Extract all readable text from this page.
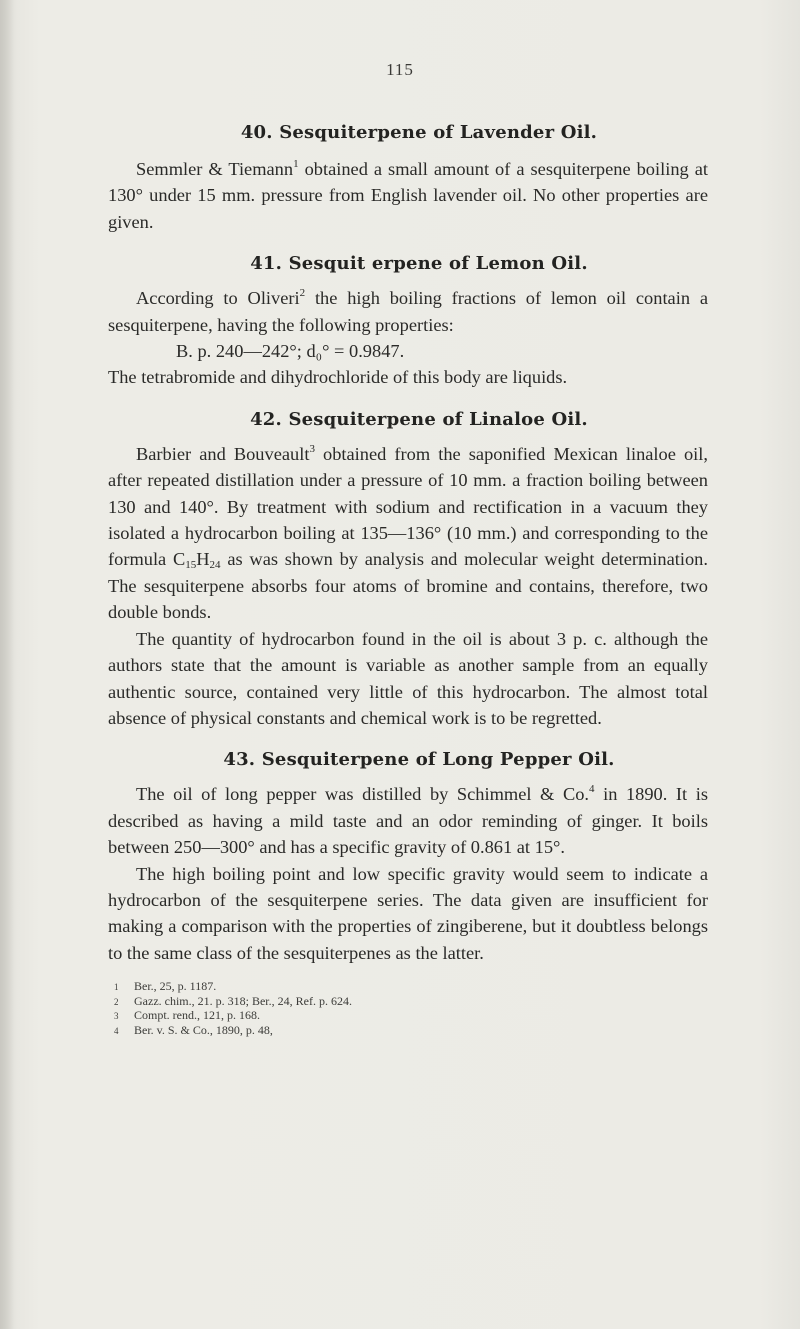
115
40. Sesquiterpene of Lavender Oil.

Semmler & Tiemann$^1$ obtained a small amount of a sesquiterpene boiling at 130° under 15 mm. pressure from English lavender oil. No other properties are given.

41. Sesquit erpene of Lemon Oil.

According to Oliveri$^2$ the high boiling fractions of lemon oil contain a sesquiterpene, having the following properties:

B. p. 240—242°; d₀° = 0.9847.

The tetrabromide and dihydrochloride of this body are liquids.

42. Sesquiterpene of Linaloe Oil.

Barbier and Bouveault$^3$ obtained from the saponified Mexican linaloe oil, after repeated distillation under a pressure of 10 mm. a fraction boiling between 130 and 140°. By treatment with sodium and rectification in a vacuum they isolated a hydrocarbon boiling at 135—136° (10 mm.) and corresponding to the formula $C_{15}H_{24}$ as was shown by analysis and molecular weight determination. The sesquiterpene absorbs four atoms of bromine and contains, therefore, two double bonds.

The quantity of hydrocarbon found in the oil is about 3 p. c. although the authors state that the amount is variable as another sample from an equally authentic source, contained very little of this hydrocarbon. The almost total absence of physical constants and chemical work is to be regretted.

43. Sesquiterpene of Long Pepper Oil.

The oil of long pepper was distilled by Schimmel & Co.$^4$ in 1890. It is described as having a mild taste and an odor reminding of ginger. It boils between 250—300° and has a specific gravity of 0.861 at 15°.

The high boiling point and low specific gravity would seem to indicate a hydrocarbon of the sesquiterpene series. The data given are insufficient for making a comparison with the properties of zingiberene, but it doubtless belongs to the same class of the sesquiterpenes as the latter.

1	Ber., 25, p. 1187.
2	Gazz. chim., 21. p. 318; Ber., 24, Ref. p. 624.
3	Compt. rend., 121, p. 168.
4	Ber. v. S. & Co., 1890, p. 48,
